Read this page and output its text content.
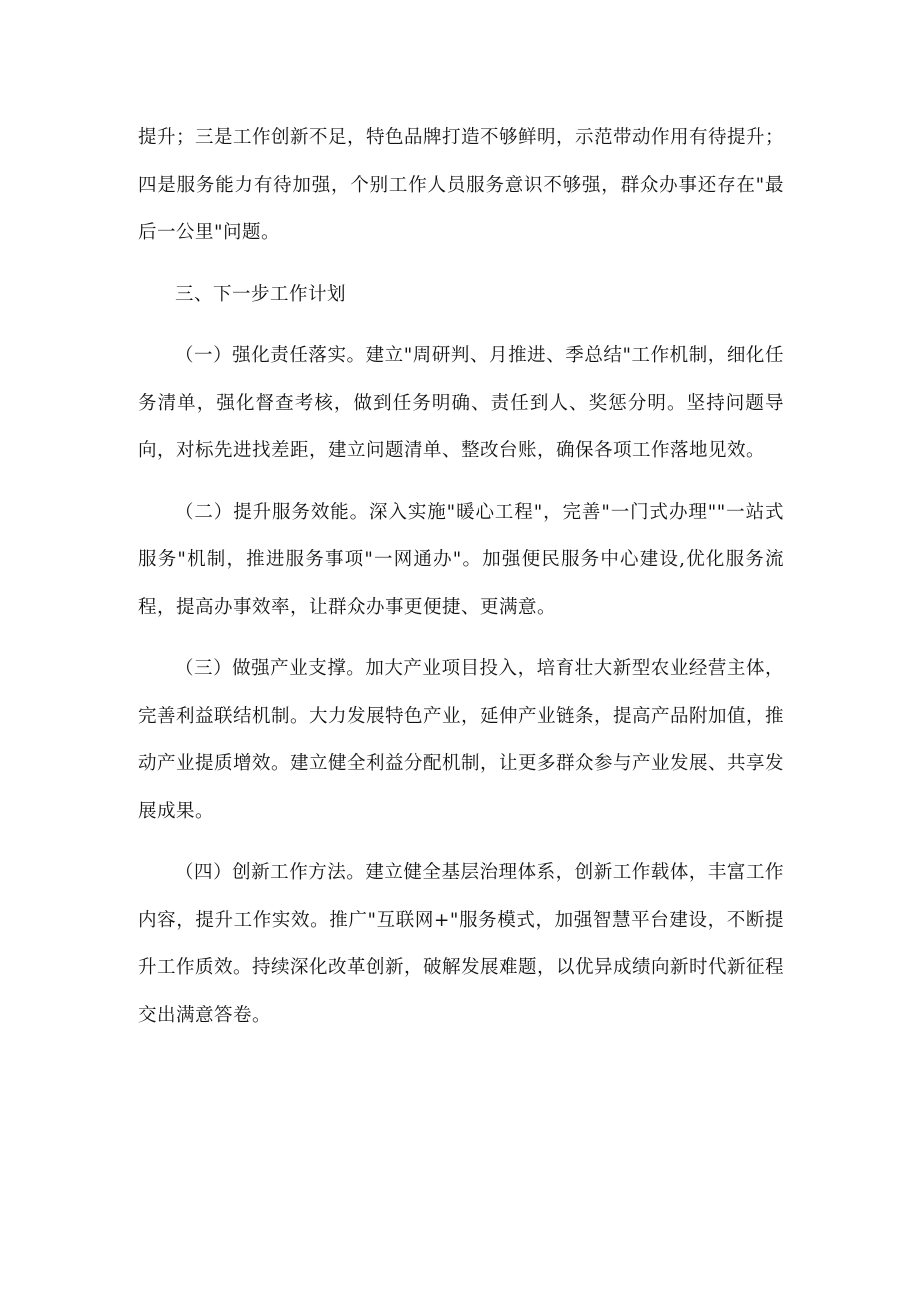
提升；三是工作创新不足，特色品牌打造不够鲜明，示范带动作用有待提升；四是服务能力有待加强，个别工作人员服务意识不够强，群众办事还存在"最后一公里"问题。

三、下一步工作计划

（一）强化责任落实。建立"周研判、月推进、季总结"工作机制，细化任务清单，强化督查考核，做到任务明确、责任到人、奖惩分明。坚持问题导向，对标先进找差距，建立问题清单、整改台账，确保各项工作落地见效。

（二）提升服务效能。深入实施"暖心工程"，完善"一门式办理""一站式服务"机制，推进服务事项"一网通办"。加强便民服务中心建设,优化服务流程，提高办事效率，让群众办事更便捷、更满意。

（三）做强产业支撑。加大产业项目投入，培育壮大新型农业经营主体，完善利益联结机制。大力发展特色产业，延伸产业链条，提高产品附加值，推动产业提质增效。建立健全利益分配机制，让更多群众参与产业发展、共享发展成果。

（四）创新工作方法。建立健全基层治理体系，创新工作载体，丰富工作内容，提升工作实效。推广"互联网+"服务模式，加强智慧平台建设，不断提升工作质效。持续深化改革创新，破解发展难题，以优异成绩向新时代新征程交出满意答卷。
